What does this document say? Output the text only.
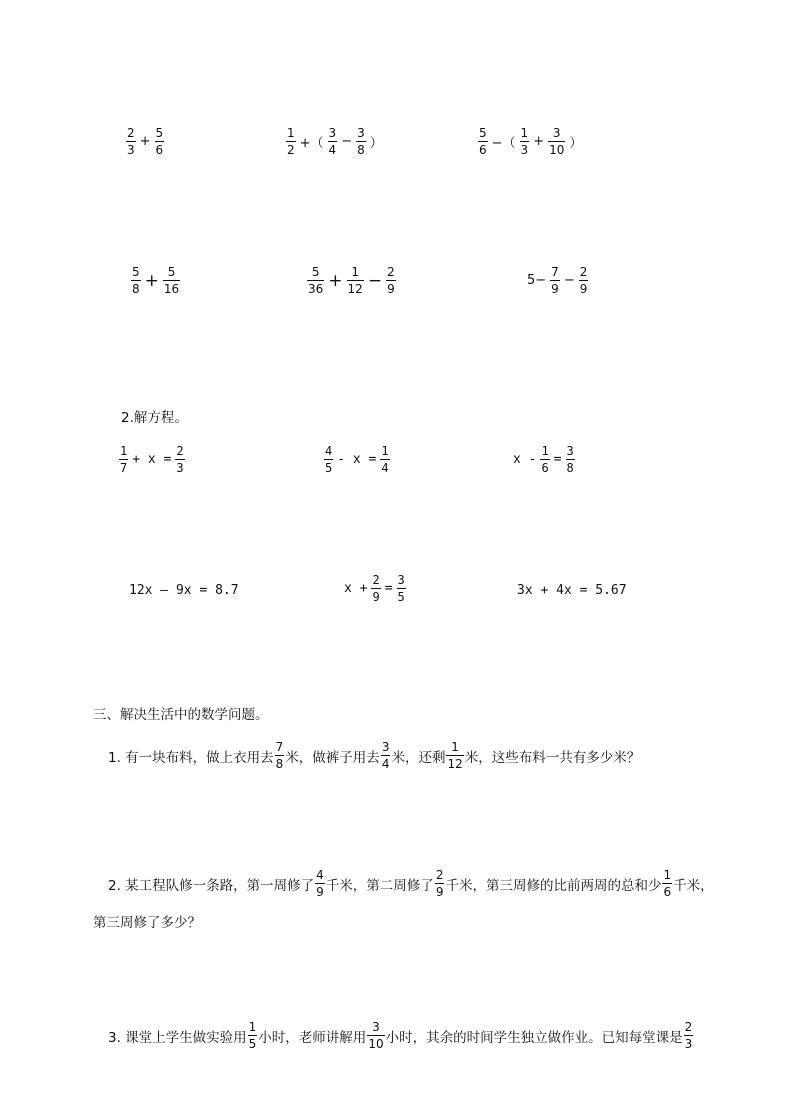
$\frac{2}{3} + \frac{5}{6}$	$\frac{1}{2}$ +（ $\frac{3}{4} - \frac{3}{8}$ ）	$\frac{5}{6}$ −（ $\frac{1}{3} + \frac{3}{10}$ ）
$\frac{5}{8} + \frac{5}{16}$	$\frac{5}{36} + \frac{1}{12} - \frac{2}{9}$	$5- \frac{7}{9} - \frac{2}{9}$
2.解方程。
$\frac{1}{7} + x = \frac{2}{3}$	$\frac{4}{5} - x = \frac{1}{4}$	$x - \frac{1}{6} = \frac{3}{8}$
12x — 9x = 8.7	$x + \frac{2}{9} = \frac{3}{5}$	3x + 4x = 5.67
三、解决生活中的数学问题。
1. 有一块布料，做上衣用去 $\frac{7}{8}$ 米，做裤子用去 $\frac{3}{4}$ 米，还剩 $\frac{1}{12}$ 米，这些布料一共有多少米？
2. 某工程队修一条路，第一周修了 $\frac{4}{9}$ 千米，第二周修了 $\frac{2}{9}$ 千米，第三周修的比前两周的总和少 $\frac{1}{6}$ 千米，
第三周修了多少？
3. 课堂上学生做实验用 $\frac{1}{5}$ 小时，老师讲解用 $\frac{3}{10}$ 小时，其余的时间学生独立做作业。已知每堂课是 $\frac{2}{3}$
